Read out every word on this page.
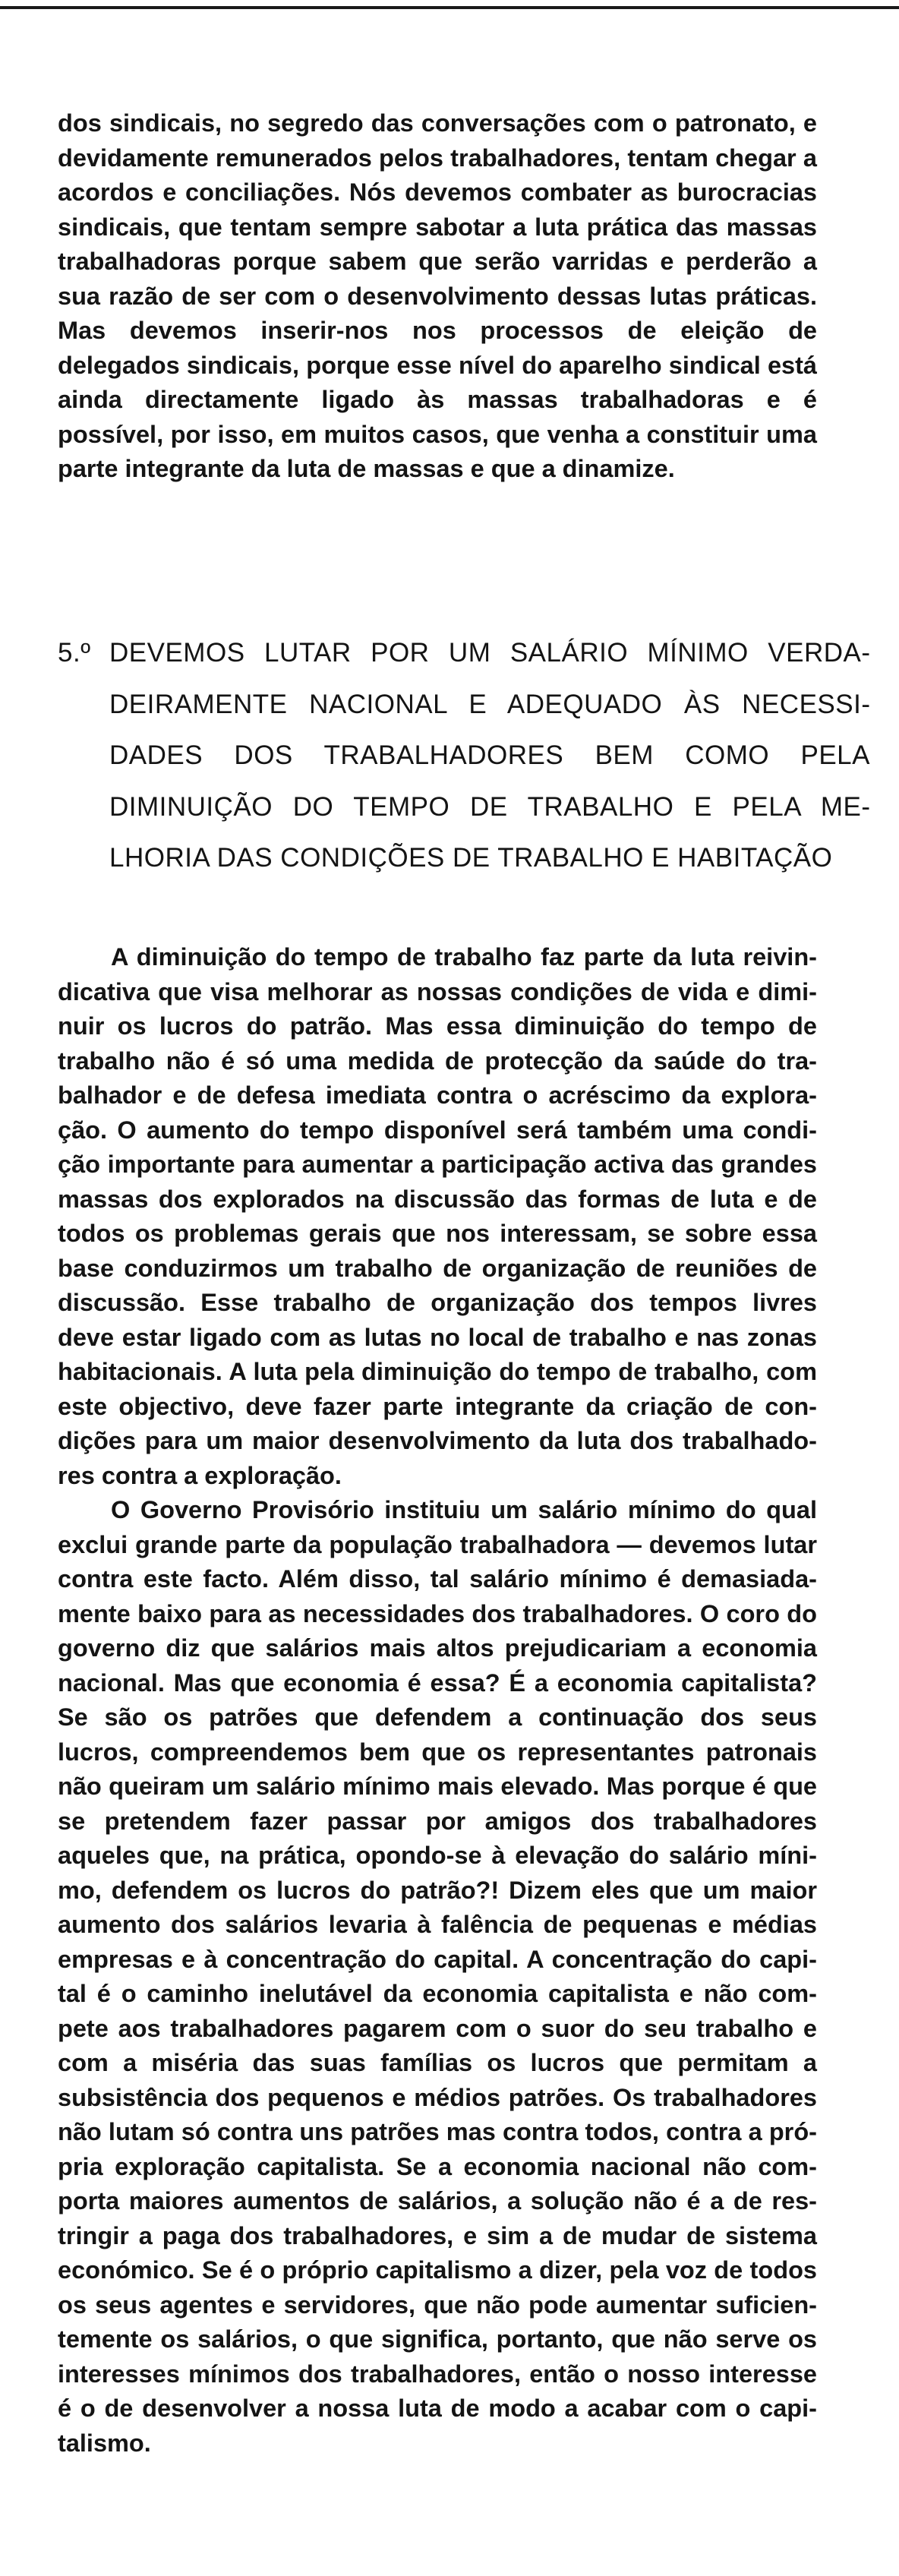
dos sindicais, no segredo das conversações com o patronato, e devidamente remunerados pelos trabalhadores, tentam chegar a acordos e conciliações. Nós devemos combater as burocracias sindicais, que tentam sempre sabotar a luta prática das massas trabalhadoras porque sabem que serão varridas e perderão a sua razão de ser com o desenvolvimento dessas lutas práticas. Mas devemos inserir-nos nos processos de eleição de delegados sindicais, porque esse nível do aparelho sindical está ainda directamente ligado às massas trabalhadoras e é possível, por isso, em muitos casos, que venha a constituir uma parte integrante da luta de massas e que a dinamize.

5.º DEVEMOS LUTAR POR UM SALÁRIO MÍNIMO VERDADEIRAMENTE NACIONAL E ADEQUADO ÀS NECESSIDADES DOS TRABALHADORES BEM COMO PELA DIMINUIÇÃO DO TEMPO DE TRABALHO E PELA MELHORIA DAS CONDIÇÕES DE TRABALHO E HABITAÇÃO

A diminuição do tempo de trabalho faz parte da luta reivindicativa que visa melhorar as nossas condições de vida e diminuir os lucros do patrão. Mas essa diminuição do tempo de trabalho não é só uma medida de protecção da saúde do trabalhador e de defesa imediata contra o acréscimo da exploração. O aumento do tempo disponível será também uma condição importante para aumentar a participação activa das grandes massas dos explorados na discussão das formas de luta e de todos os problemas gerais que nos interessam, se sobre essa base conduzirmos um trabalho de organização de reuniões de discussão. Esse trabalho de organização dos tempos livres deve estar ligado com as lutas no local de trabalho e nas zonas habitacionais. A luta pela diminuição do tempo de trabalho, com este objectivo, deve fazer parte integrante da criação de condições para um maior desenvolvimento da luta dos trabalhadores contra a exploração.

O Governo Provisório instituiu um salário mínimo do qual exclui grande parte da população trabalhadora — devemos lutar contra este facto. Além disso, tal salário mínimo é demasiadamente baixo para as necessidades dos trabalhadores. O coro do governo diz que salários mais altos prejudicariam a economia nacional. Mas que economia é essa? É a economia capitalista? Se são os patrões que defendem a continuação dos seus lucros, compreendemos bem que os representantes patronais não queiram um salário mínimo mais elevado. Mas porque é que se pretendem fazer passar por amigos dos trabalhadores aqueles que, na prática, opondo-se à elevação do salário mínimo, defendem os lucros do patrão?! Dizem eles que um maior aumento dos salários levaria à falência de pequenas e médias empresas e à concentração do capital. A concentração do capital é o caminho inelutável da economia capitalista e não compete aos trabalhadores pagarem com o suor do seu trabalho e com a miséria das suas famílias os lucros que permitam a subsistência dos pequenos e médios patrões. Os trabalhadores não lutam só contra uns patrões mas contra todos, contra a própria exploração capitalista. Se a economia nacional não comporta maiores aumentos de salários, a solução não é a de restringir a paga dos trabalhadores, e sim a de mudar de sistema económico. Se é o próprio capitalismo a dizer, pela voz de todos os seus agentes e servidores, que não pode aumentar suficientemente os salários, o que significa, portanto, que não serve os interesses mínimos dos trabalhadores, então o nosso interesse é o de desenvolver a nossa luta de modo a acabar com o capitalismo.
